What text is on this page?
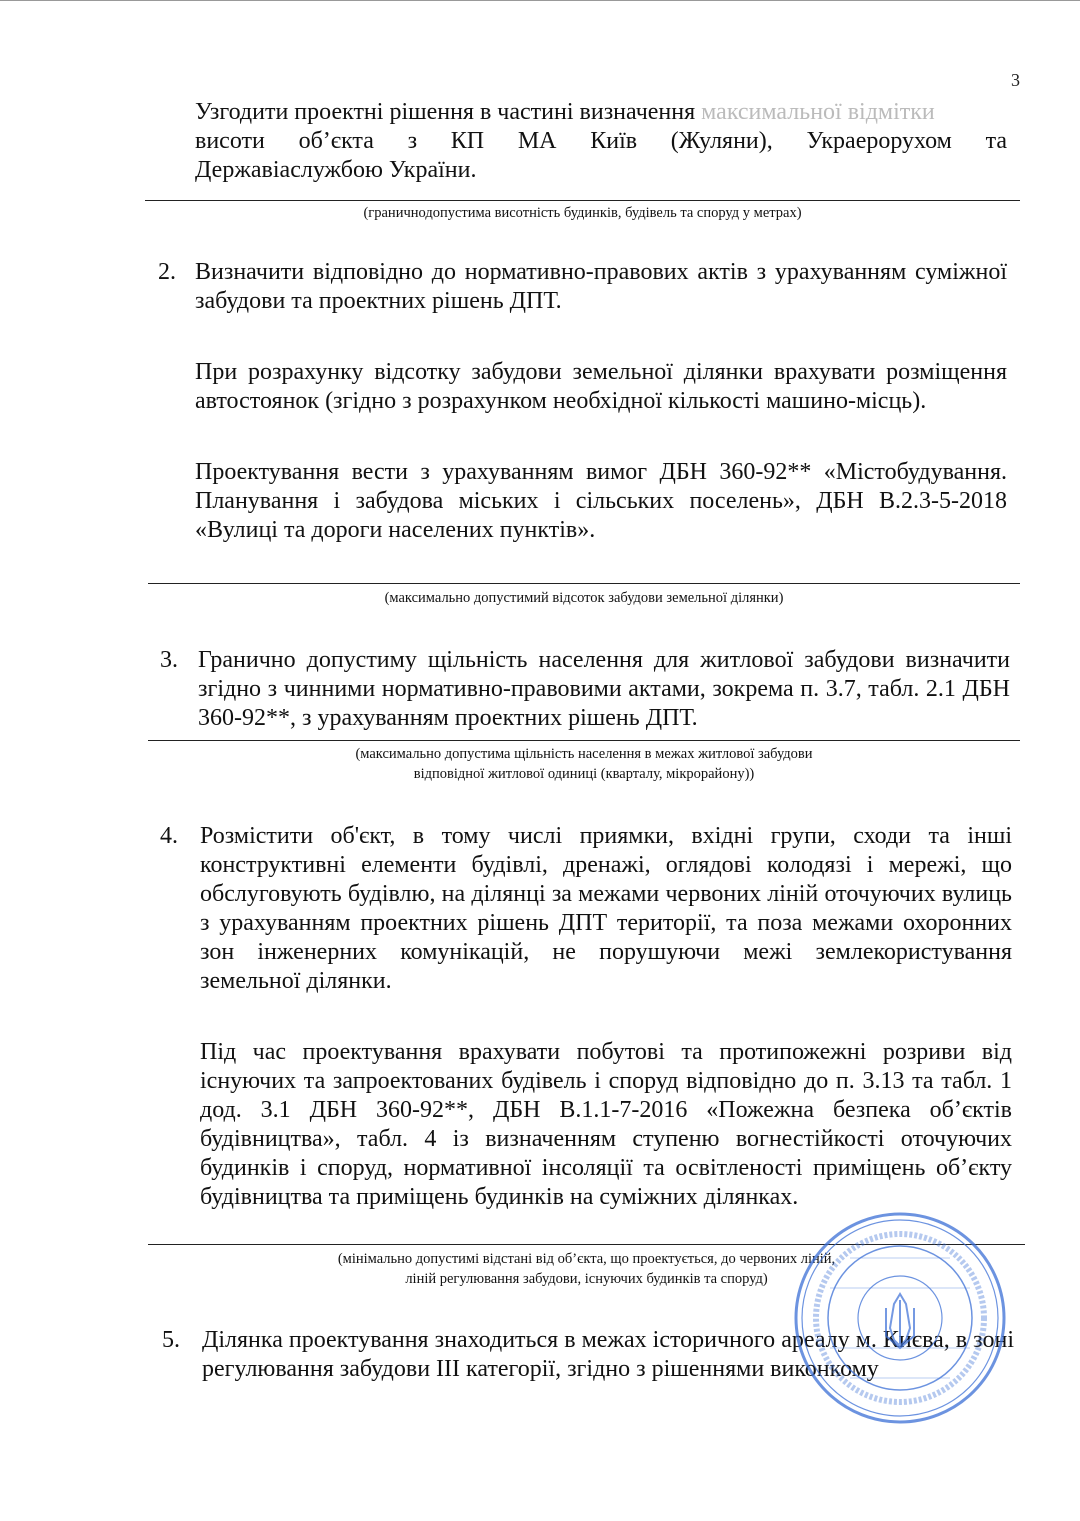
3

Узгодити проектні рішення в частині визначення максимальної відмітки

висоти об’єкта з КП МА Київ (Жуляни), Украерорухом та

Державіаслужбою України.

(граничнодопустима висотність будинків, будівель та споруд у метрах)
2. Визначити відповідно до нормативно-правових актів з урахуванням суміжної забудови та проектних рішень ДПТ.

При розрахунку відсотку забудови земельної ділянки врахувати розміщення автостоянок (згідно з розрахунком необхідної кількості машино-місць).

Проектування вести з урахуванням вимог ДБН 360-92** «Містобудування. Планування і забудова міських і сільських поселень», ДБН В.2.3-5-2018 «Вулиці та дороги населених пунктів».

(максимально допустимий відсоток забудови земельної ділянки)
3. Гранично допустиму щільність населення для житлової забудови визначити згідно з чинними нормативно-правовими актами, зокрема п. 3.7, табл. 2.1 ДБН 360-92**, з урахуванням проектних рішень ДПТ.

(максимально допустима щільність населення в межах житлової забудови
відповідної житлової одиниці (кварталу, мікрорайону))
4. Розмістити об'єкт, в тому числі приямки, вхідні групи, сходи та інші конструктивні елементи будівлі, дренажі, оглядові колодязі і мережі, що обслуговують будівлю, на ділянці за межами червоних ліній оточуючих вулиць з урахуванням проектних рішень ДПТ території, та поза межами охоронних зон інженерних комунікацій, не порушуючи межі землекористування земельної ділянки.

Під час проектування врахувати побутові та протипожежні розриви від існуючих та запроектованих будівель і споруд відповідно до п. 3.13 та табл. 1 дод. 3.1 ДБН 360-92**, ДБН В.1.1-7-2016 «Пожежна безпека об’єктів будівництва», табл. 4 із визначенням ступеню вогнестійкості оточуючих будинків і споруд, нормативної інсоляції та освітленості приміщень об’єкту будівництва та приміщень будинків на суміжних ділянках.

(мінімально допустимі відстані від об’єкта, що проектується, до червоних ліній,
ліній регулювання забудови, існуючих будинків та споруд)
5. Ділянка проектування знаходиться в межах історичного ареалу м. Києва, в зоні регулювання забудови III категорії, згідно з рішеннями виконкому
